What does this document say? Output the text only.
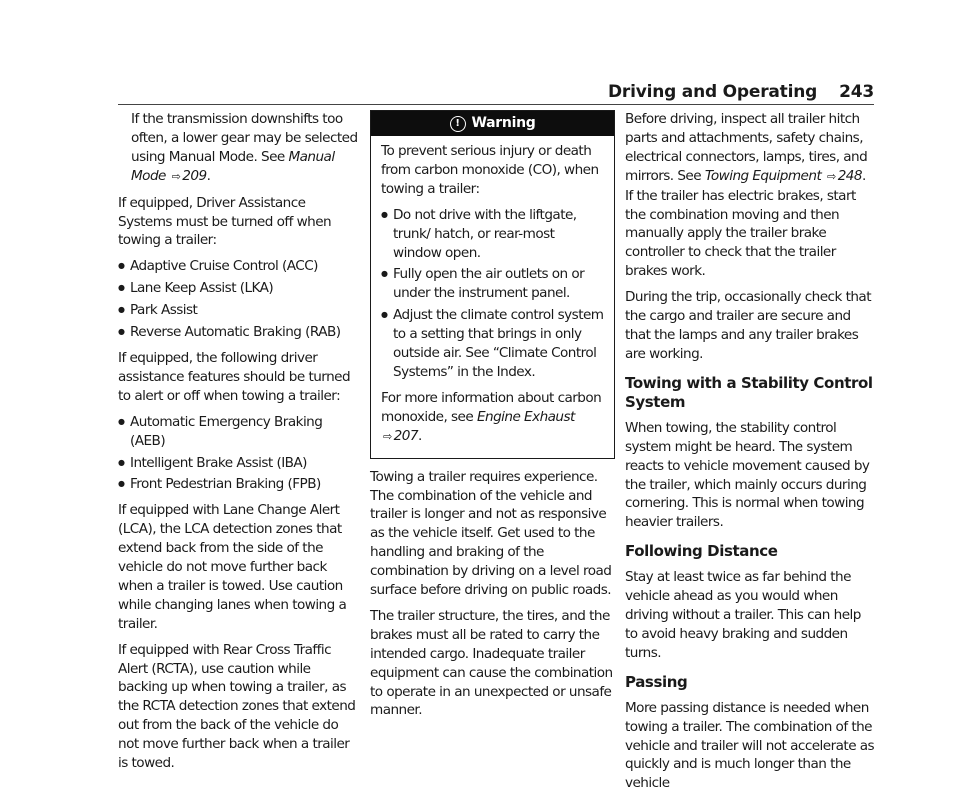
Driving and Operating 243

If the transmission downshifts too often, a lower gear may be selected using Manual Mode. See Manual Mode ⇨ 209.

If equipped, Driver Assistance Systems must be turned off when towing a trailer:

● Adaptive Cruise Control (ACC)
● Lane Keep Assist (LKA)
● Park Assist
● Reverse Automatic Braking (RAB)

If equipped, the following driver assistance features should be turned to alert or off when towing a trailer:

● Automatic Emergency Braking (AEB)
● Intelligent Brake Assist (IBA)
● Front Pedestrian Braking (FPB)

If equipped with Lane Change Alert (LCA), the LCA detection zones that extend back from the side of the vehicle do not move further back when a trailer is towed. Use caution while changing lanes when towing a trailer.

If equipped with Rear Cross Traffic Alert (RCTA), use caution while backing up when towing a trailer, as the RCTA detection zones that extend out from the back of the vehicle do not move further back when a trailer is towed.

! Warning

To prevent serious injury or death from carbon monoxide (CO), when towing a trailer:

● Do not drive with the liftgate, trunk/ hatch, or rear-most window open.
● Fully open the air outlets on or under the instrument panel.
● Adjust the climate control system to a setting that brings in only outside air. See “Climate Control Systems” in the Index.

For more information about carbon monoxide, see Engine Exhaust ⇨ 207.

Towing a trailer requires experience. The combination of the vehicle and trailer is longer and not as responsive as the vehicle itself. Get used to the handling and braking of the combination by driving on a level road surface before driving on public roads.

The trailer structure, the tires, and the brakes must all be rated to carry the intended cargo. Inadequate trailer equipment can cause the combination to operate in an unexpected or unsafe manner.

Before driving, inspect all trailer hitch parts and attachments, safety chains, electrical connectors, lamps, tires, and mirrors. See Towing Equipment ⇨ 248. If the trailer has electric brakes, start the combination moving and then manually apply the trailer brake controller to check that the trailer brakes work.

During the trip, occasionally check that the cargo and trailer are secure and that the lamps and any trailer brakes are working.

Towing with a Stability Control System

When towing, the stability control system might be heard. The system reacts to vehicle movement caused by the trailer, which mainly occurs during cornering. This is normal when towing heavier trailers.

Following Distance

Stay at least twice as far behind the vehicle ahead as you would when driving without a trailer. This can help to avoid heavy braking and sudden turns.

Passing

More passing distance is needed when towing a trailer. The combination of the vehicle and trailer will not accelerate as quickly and is much longer than the vehicle
